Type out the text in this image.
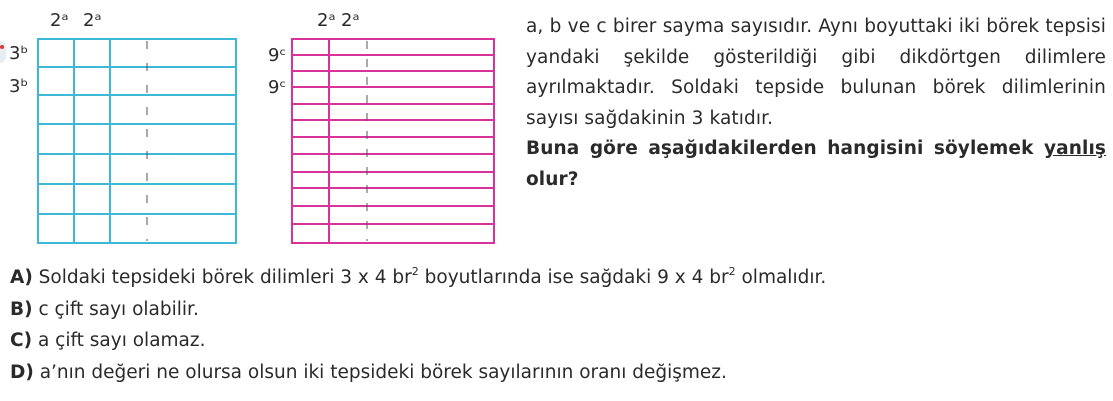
2ᵃ 2ᵃ
3ᵇ
3ᵇ
2ᵃ 2ᵃ
9ᶜ
9ᶜ

a, b ve c birer sayma sayısıdır. Aynı boyuttaki iki börek tepsisi yandaki şekilde gösterildiği gibi dikdörtgen dilimlere ayrılmaktadır. Soldaki tepside bulunan börek dilimlerinin sayısı sağdakinin 3 katıdır.

Buna göre aşağıdakilerden hangisini söylemek yanlış olur?

A) Soldaki tepsideki börek dilimleri 3 x 4 $br^2$ boyutlarında ise sağdaki 9 x 4 $br^2$ olmalıdır.
B) c çift sayı olabilir.
C) a çift sayı olamaz.
D) a’nın değeri ne olursa olsun iki tepsideki börek sayılarının oranı değişmez.
